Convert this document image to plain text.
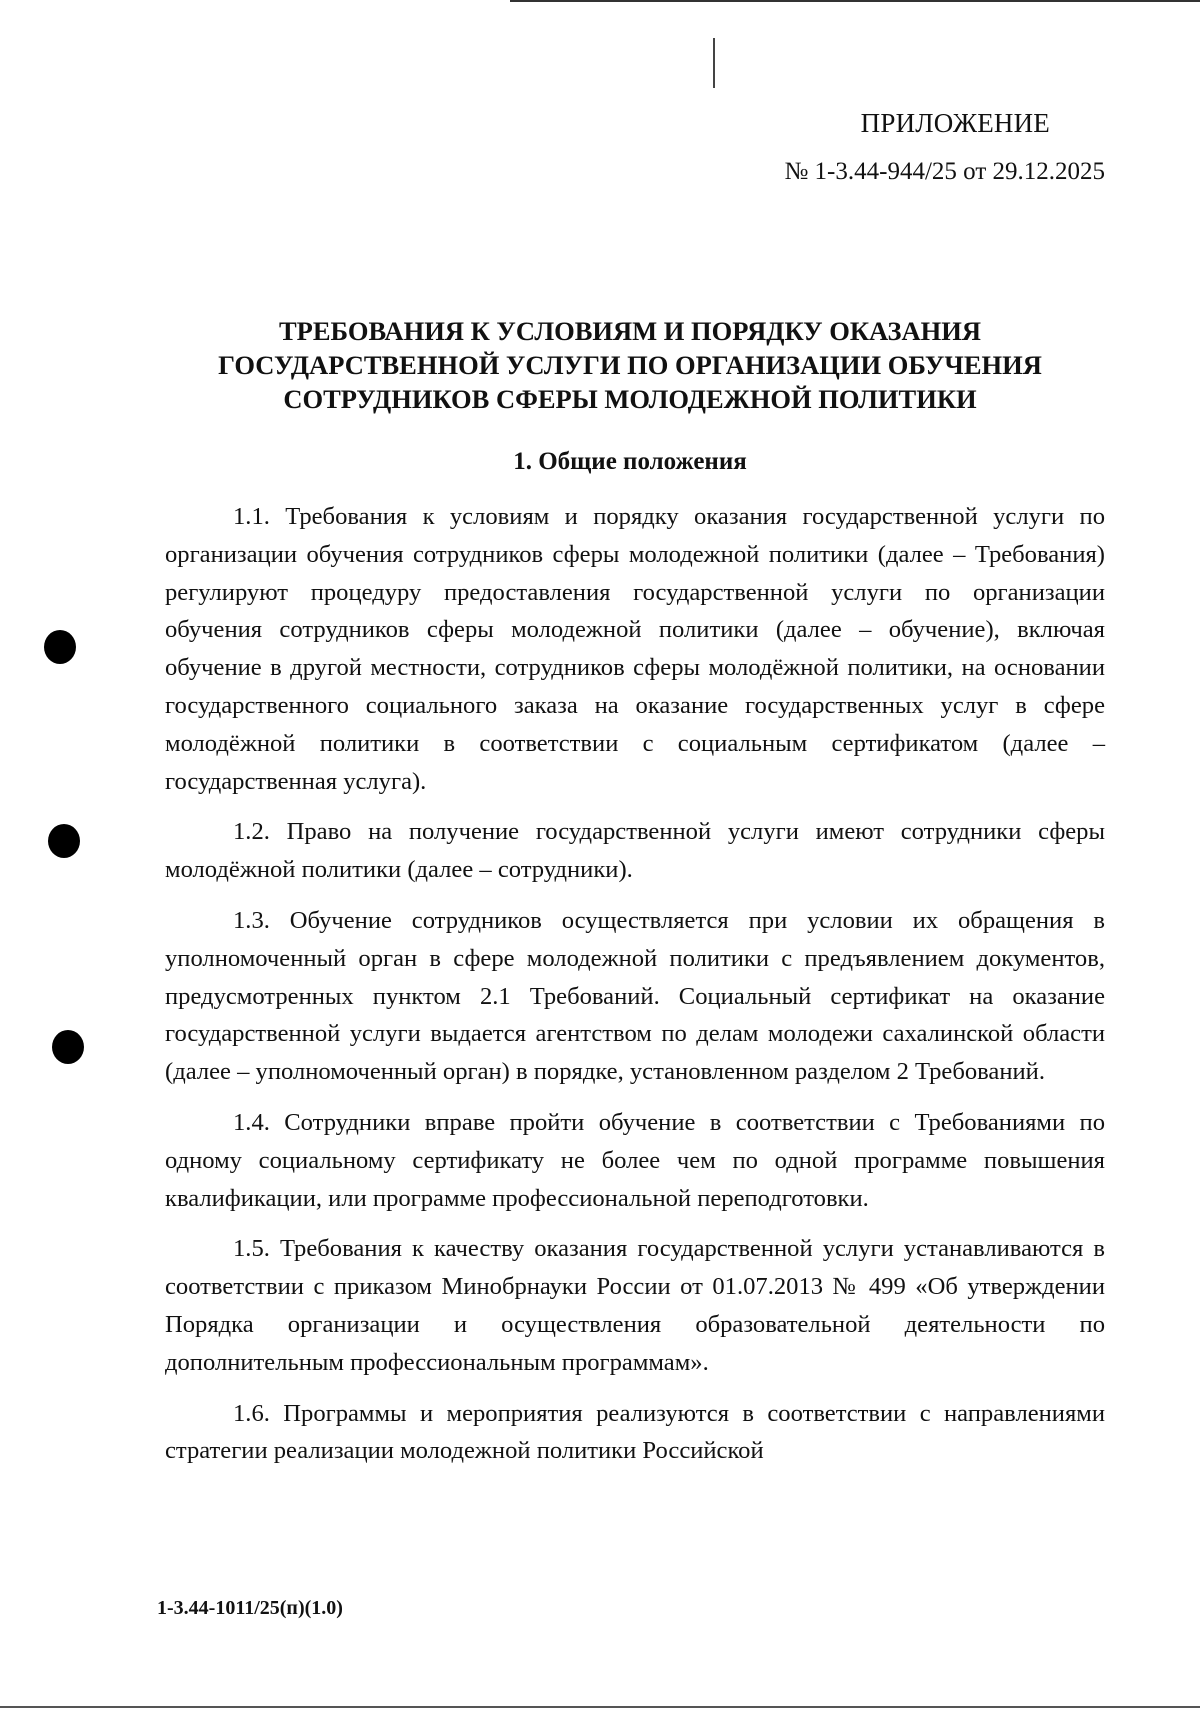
ПРИЛОЖЕНИЕ
№ 1-3.44-944/25 от 29.12.2025
ТРЕБОВАНИЯ К УСЛОВИЯМ И ПОРЯДКУ ОКАЗАНИЯ
ГОСУДАРСТВЕННОЙ УСЛУГИ ПО ОРГАНИЗАЦИИ ОБУЧЕНИЯ
СОТРУДНИКОВ СФЕРЫ МОЛОДЕЖНОЙ ПОЛИТИКИ
1. Общие положения

1.1. Требования к условиям и порядку оказания государственной услуги по организации обучения сотрудников сферы молодежной политики (далее – Требования) регулируют процедуру предоставления государственной услуги по организации обучения сотрудников сферы молодежной политики (далее – обучение), включая обучение в другой местности, сотрудников сферы молодёжной политики, на основании государственного социального заказа на оказание государственных услуг в сфере молодёжной политики в соответствии с социальным сертификатом (далее – государственная услуга).

1.2. Право на получение государственной услуги имеют сотрудники сферы молодёжной политики (далее – сотрудники).

1.3. Обучение сотрудников осуществляется при условии их обращения в уполномоченный орган в сфере молодежной политики с предъявлением документов, предусмотренных пунктом 2.1 Требований. Социальный сертификат на оказание государственной услуги выдается агентством по делам молодежи сахалинской области (далее – уполномоченный орган) в порядке, установленном разделом 2 Требований.

1.4. Сотрудники вправе пройти обучение в соответствии с Требованиями по одному социальному сертификату не более чем по одной программе повышения квалификации, или программе профессиональной переподготовки.

1.5. Требования к качеству оказания государственной услуги устанавливаются в соответствии с приказом Минобрнауки России от 01.07.2013 № 499 «Об утверждении Порядка организации и осуществления образовательной деятельности по дополнительным профессиональным программам».

1.6. Программы и мероприятия реализуются в соответствии с направлениями стратегии реализации молодежной политики Российской

1-3.44-1011/25(п)(1.0)
